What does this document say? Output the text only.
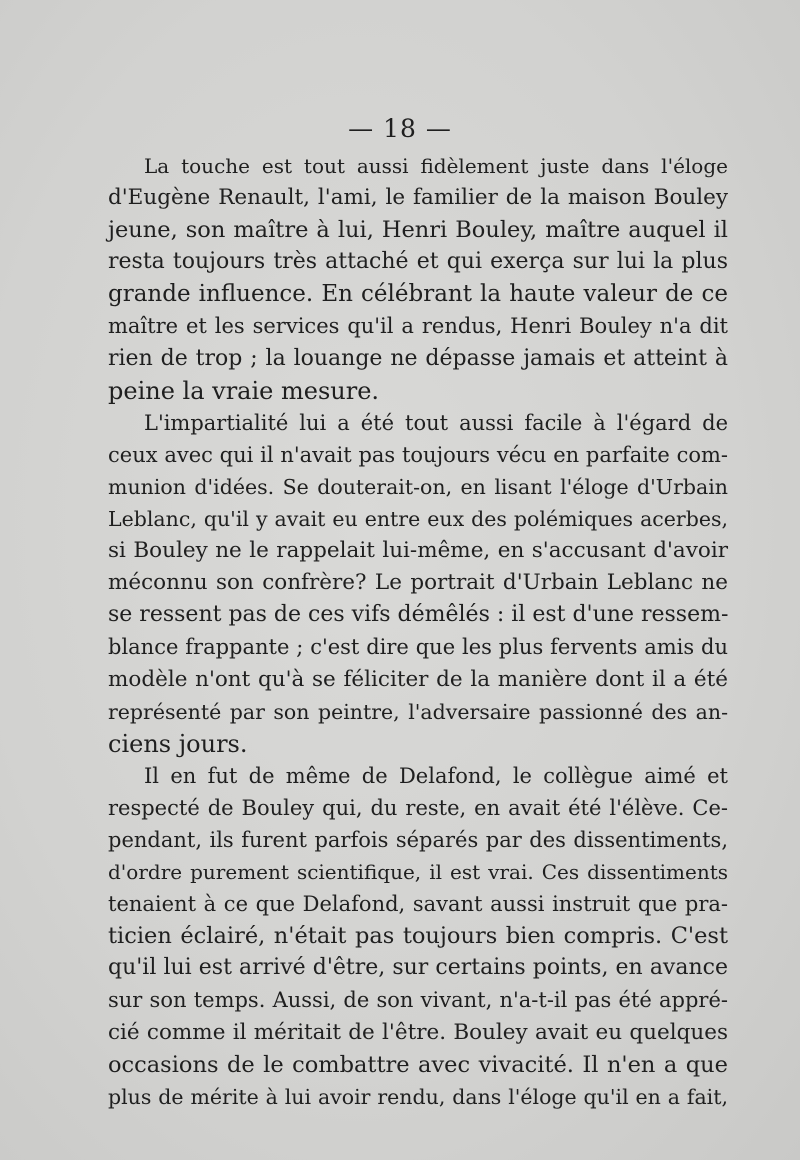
— 18 —
La touche est tout aussi fidèlement juste dans l'éloge
d'Eugène Renault, l'ami, le familier de la maison Bouley
jeune, son maître à lui, Henri Bouley, maître auquel il
resta toujours très attaché et qui exerça sur lui la plus
grande influence. En célébrant la haute valeur de ce
maître et les services qu'il a rendus, Henri Bouley n'a dit
rien de trop ; la louange ne dépasse jamais et atteint à
peine la vraie mesure.
L'impartialité lui a été tout aussi facile à l'égard de
ceux avec qui il n'avait pas toujours vécu en parfaite com-
munion d'idées. Se douterait-on, en lisant l'éloge d'Urbain
Leblanc, qu'il y avait eu entre eux des polémiques acerbes,
si Bouley ne le rappelait lui-même, en s'accusant d'avoir
méconnu son confrère? Le portrait d'Urbain Leblanc ne
se ressent pas de ces vifs démêlés : il est d'une ressem-
blance frappante ; c'est dire que les plus fervents amis du
modèle n'ont qu'à se féliciter de la manière dont il a été
représenté par son peintre, l'adversaire passionné des an-
ciens jours.
Il en fut de même de Delafond, le collègue aimé et
respecté de Bouley qui, du reste, en avait été l'élève. Ce-
pendant, ils furent parfois séparés par des dissentiments,
d'ordre purement scientifique, il est vrai. Ces dissentiments
tenaient à ce que Delafond, savant aussi instruit que pra-
ticien éclairé, n'était pas toujours bien compris. C'est
qu'il lui est arrivé d'être, sur certains points, en avance
sur son temps. Aussi, de son vivant, n'a-t-il pas été appré-
cié comme il méritait de l'être. Bouley avait eu quelques
occasions de le combattre avec vivacité. Il n'en a que
plus de mérite à lui avoir rendu, dans l'éloge qu'il en a fait,
